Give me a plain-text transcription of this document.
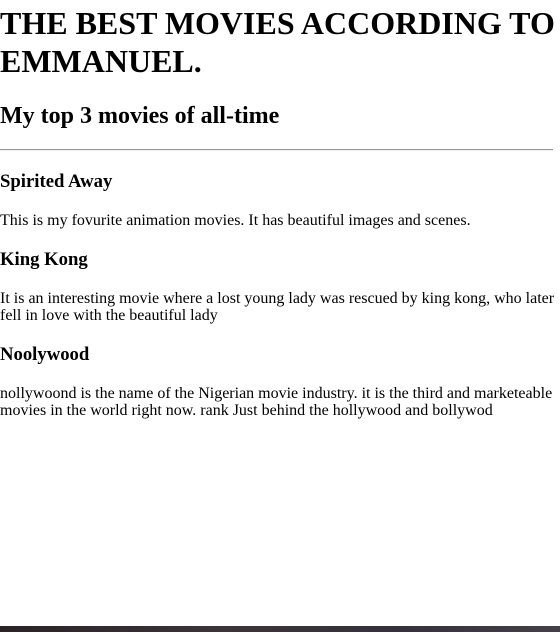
THE BEST MOVIES ACCORDING TO EMMANUEL.
My top 3 movies of all-time
Spirited Away

This is my fovurite animation movies. It has beautiful images and scenes.

King Kong

It is an interesting movie where a lost young lady was rescued by king kong, who later fell in love with the beautiful lady

Noolywood

nollywoond is the name of the Nigerian movie industry. it is the third and marketeable movies in the world right now. rank Just behind the hollywood and bollywod
